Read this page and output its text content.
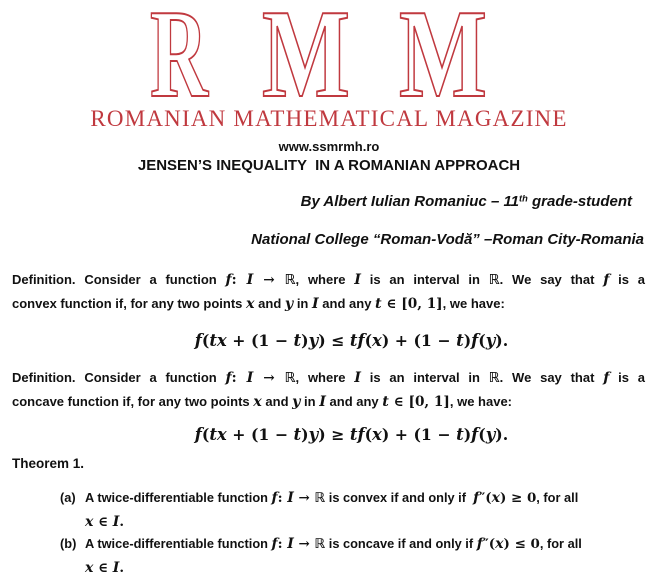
R M M
ROMANIAN MATHEMATICAL MAGAZINE
www.ssmrmh.ro
JENSEN’S INEQUALITY  IN A ROMANIAN APPROACH
By Albert Iulian Romaniuc – 11th grade-student
National College “Roman-Vodă” –Roman City-Romania
Definition. Consider a function f: I → ℝ, where I is an interval in ℝ. We say that f is a
convex function if, for any two points x and y in I and any t ∈ [0, 1], we have:
f(tx + (1 − t)y) ≤ tf(x) + (1 − t)f(y).
Definition. Consider a function f: I → ℝ, where I is an interval in ℝ. We say that f is a
concave function if, for any two points x and y in I and any t ∈ [0, 1], we have:
f(tx + (1 − t)y) ≥ tf(x) + (1 − t)f(y).
Theorem 1.
(a) A twice-differentiable function f: I → ℝ is convex if and only if  f″(x) ≥ 0, for all
x ∈ I.
(b) A twice-differentiable function f: I → ℝ is concave if and only if f″(x) ≤ 0, for all
x ∈ I.
